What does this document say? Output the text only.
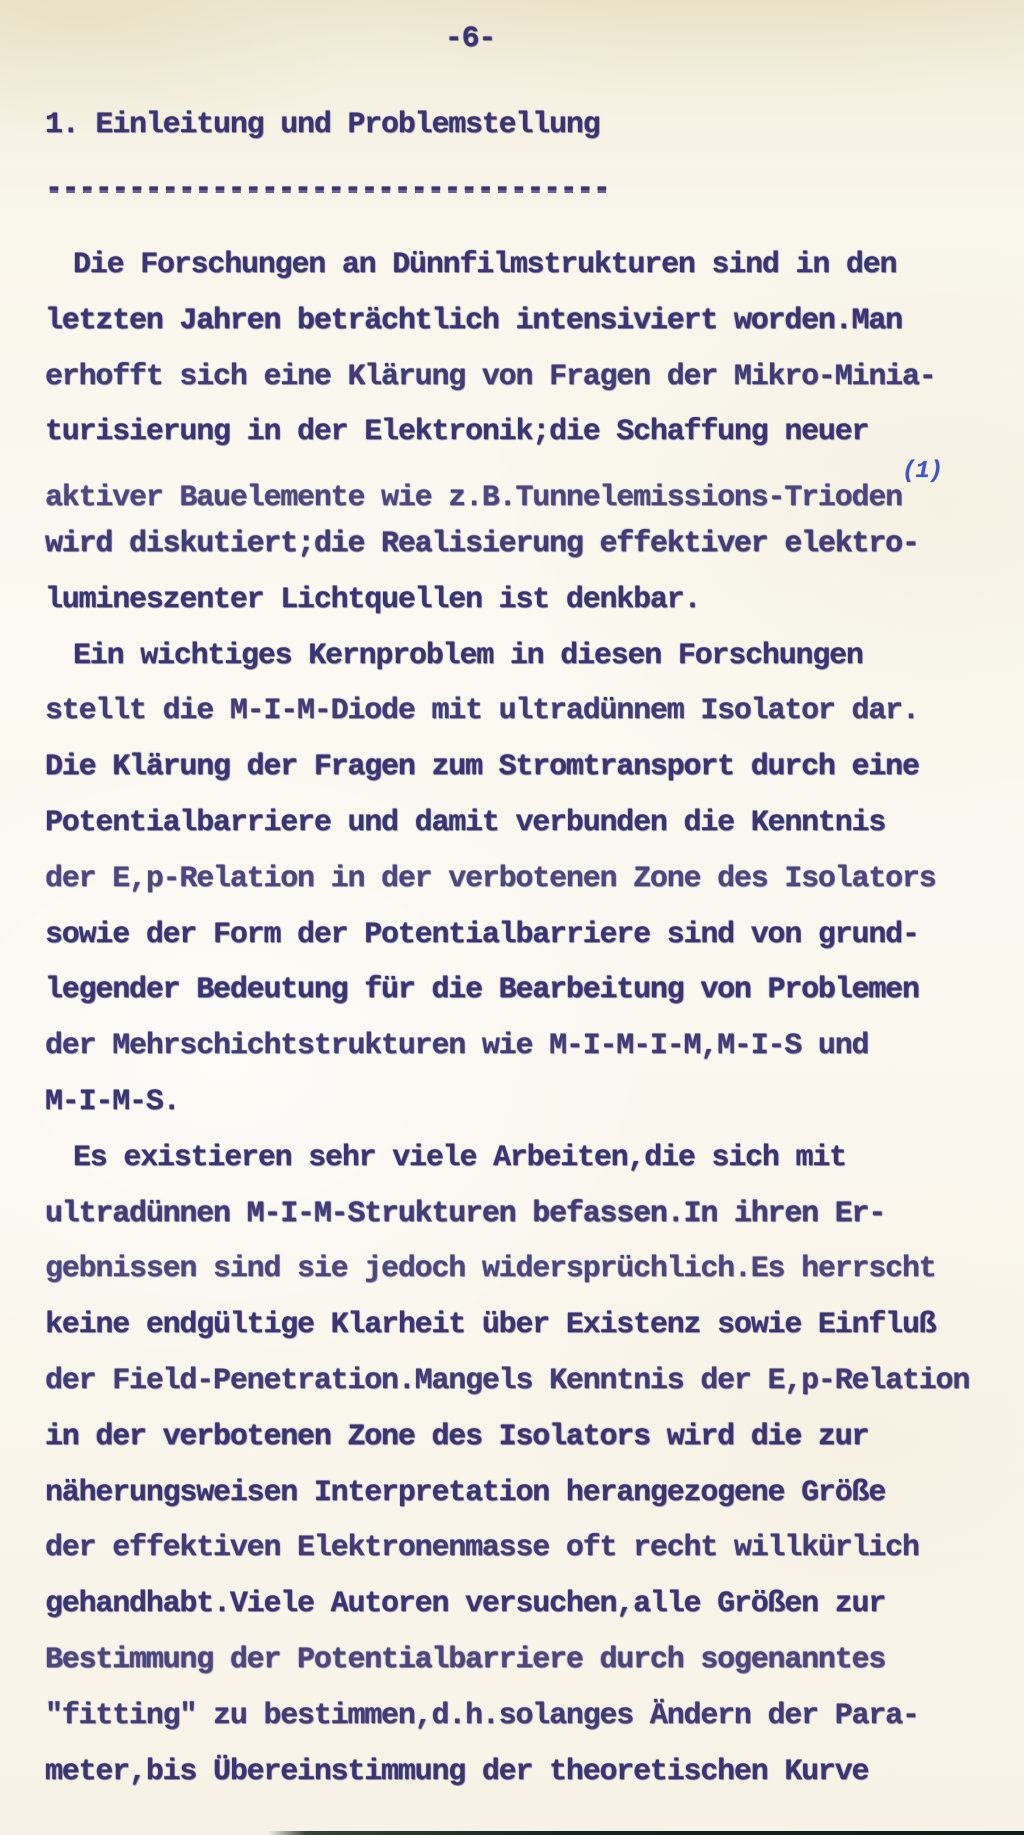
-6-
1. Einleitung und Problemstellung
----------------------------------
Die Forschungen an Dünnfilmstrukturen sind in den
letzten Jahren beträchtlich intensiviert worden.Man
erhofft sich eine Klärung von Fragen der Mikro-Minia-
turisierung in der Elektronik;die Schaffung neuer
aktiver Bauelemente wie z.B.Tunnelemissions-Trioden$^{(1)}$
wird diskutiert;die Realisierung effektiver elektro-
lumineszenter Lichtquellen ist denkbar.
Ein wichtiges Kernproblem in diesen Forschungen
stellt die M-I-M-Diode mit ultradünnem Isolator dar.
Die Klärung der Fragen zum Stromtransport durch eine
Potentialbarriere und damit verbunden die Kenntnis
der E,p-Relation in der verbotenen Zone des Isolators
sowie der Form der Potentialbarriere sind von grund-
legender Bedeutung für die Bearbeitung von Problemen
der Mehrschichtstrukturen wie M-I-M-I-M,M-I-S und
M-I-M-S.
Es existieren sehr viele Arbeiten,die sich mit
ultradünnen M-I-M-Strukturen befassen.In ihren Er-
gebnissen sind sie jedoch widersprüchlich.Es herrscht
keine endgültige Klarheit über Existenz sowie Einfluß
der Field-Penetration.Mangels Kenntnis der E,p-Relation
in der verbotenen Zone des Isolators wird die zur
näherungsweisen Interpretation herangezogene Größe
der effektiven Elektronenmasse oft recht willkürlich
gehandhabt.Viele Autoren versuchen,alle Größen zur
Bestimmung der Potentialbarriere durch sogenanntes
"fitting" zu bestimmen,d.h.solanges Ändern der Para-
meter,bis Übereinstimmung der theoretischen Kurve
